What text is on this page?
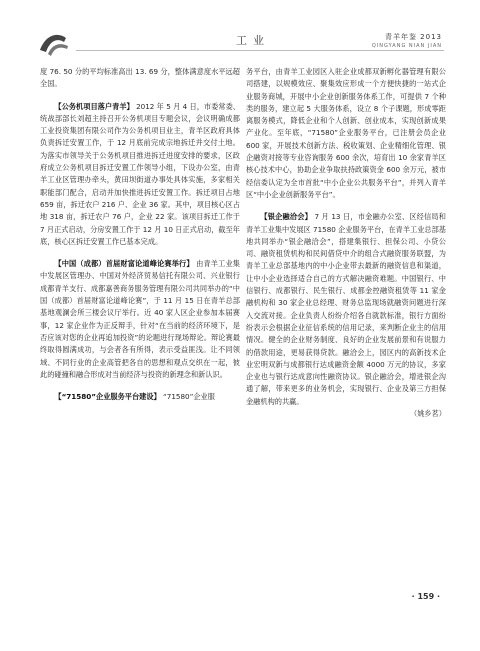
工业	青羊年鉴 2013
QINGYANG NIAN JIAN

度 76. 50 分的平均标准高出 13. 69 分，整体满意度水平远超全国。

【公务机项目落户青羊】 2012 年 5 月 4 日，市委常委、统战部部长刘超主持召开公务机项目专题会议，会议明确成都工业投资集团有限公司作为公务机项目业主，青羊区政府具体负责拆迁安置工作，于 12 月底前完成宗地拆迁并交付土地。为落实市领导关于公务机项目推进拆迁进度安排的要求，区政府成立公务机项目拆迁安置工作领导小组，下设办公室，由青羊工业区管理办牵头，黄田坝街道办事处具体实施，多家相关职能部门配合，启动并加快推进拆迁安置工作。拆迁项目占地 659 亩，拆迁农户 216 户、企业 36 家。其中，项目核心区占地 318 亩，拆迁农户 76 户，企业 22 家。该项目拆迁工作于 7 月正式启动，分房安置工作于 12 月 10 日正式启动，截至年底，核心区拆迁安置工作已基本完成。

【中国（成都）首届财富论道峰论赛举行】 由青羊工业集中发展区管理办、中国对外经济贸易信托有限公司、兴业银行成都青羊支行、成都嘉善商务服务管理有限公司共同举办的“中国（成都）首届财富论道峰论赛”，于 11 月 15 日在青羊总部基地观澜会所三楼会议厅举行。近 40 家人区企业参加本届赛事，12 家企业作为正反辩手，针对“在当前的经济环境下，是否应该对您的企业再追加投资”的论题进行现场辩论。辩论赛最终取得圆满成功，与会者各有所得，表示受益匪浅。让不同领域、不同行业的企业高管把各自的思想和观点交织在一起，彼此的碰撞和融合形成对当前经济与投资的新理念和新认识。

【“71580”企业服务平台建设】 “71580”企业服

务平台，由青羊工业园区入驻企业成都双新孵化器管理有限公司搭建，以规模效应、聚集效应形成一个方便快捷的一站式企业服务商城，开展中小企业创新服务体系工作，可提供 7 个种类的服务，建立起 5 大服务体系，设立 8 个子课题，形成零距离服务模式，降低企业和个人创新、创业成本，实现创新成果产业化。至年底，“71580”企业服务平台，已注册会员企业 600 家，开展技术创新方法、税收策划、企业精细化管理、银企融资对接等专业咨询服务 600 余次，培育出 10 余家青羊区核心技术中心，协助企业争取扶持政策资金 600 余万元，被市经信委认定为全市首批“中小企业公共服务平台”，并列入青羊区“中小企业创新服务平台”。

【银企融洽会】 7 月 13 日，市金融办公室、区经信局和青羊工业集中发展区 71580 企业服务平台，在青羊工业总部基地共同举办“银企融洽会”，搭建集银行、担保公司、小贷公司、融资租赁机构和民间借贷中介的组合式融资服务联盟，为青羊工业总部基地内的中小企业带去最新的融资信息和渠道，让中小企业选择适合自己的方式解决融资难题。中国银行、中信银行、成都银行、民生银行、成都金控融资租赁等 11 家金融机构和 30 家企业总经理、财务总监现场就融资问题进行深入交流对接。企业负责人纷纷介绍各自就款标准，银行方面纷纷表示会根据企业征信系统的信用记录，来判断企业主的信用情况。健全的企业财务制度、良好的企业发展前景和有说服力的借款用途，更易获得贷款。融洽会上，园区内的高新技术企业宏明双新与成都银行达成融资金额 4000 万元的协议，多家企业也与银行达成意向性融资协议。银企融洽会，增进银企沟通了解，带来更多的业务机会，实现银行、企业及第三方担保金融机构的共赢。

（姚乡茗）

· 159 ·
